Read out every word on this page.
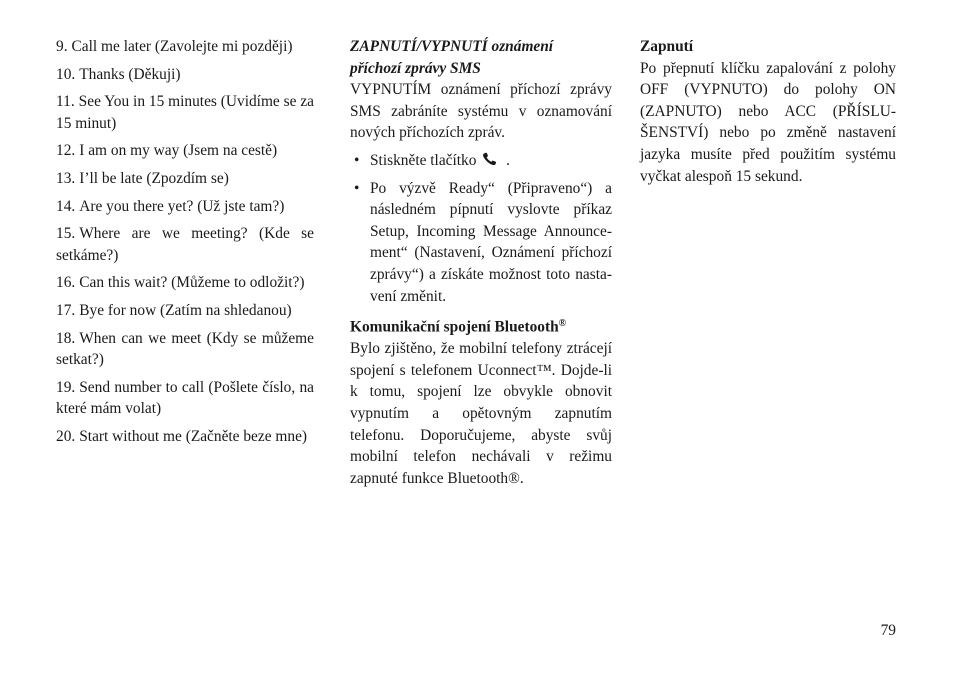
9. Call me later (Zavolejte mi později)

10. Thanks (Děkuji)

11. See You in 15 minutes (Uvidíme se za 15 minut)

12. I am on my way (Jsem na cestě)

13. I’ll be late (Zpozdím se)

14. Are you there yet? (Už jste tam?)

15. Where are we meeting? (Kde se setkáme?)

16. Can this wait? (Můžeme to odložit?)

17. Bye for now (Zatím na shledanou)

18. When can we meet (Kdy se můžeme setkat?)

19. Send number to call (Pošlete číslo, na které mám volat)

20. Start without me (Začněte beze mne)

ZAPNUTÍ/VYPNUTÍ oznámení
příchozí zprávy SMS

VYPNUTÍM oznámení příchozí zprávy SMS zabráníte systému v oznamování nových příchozích zpráv.

• Stiskněte tlačítko .
• Po výzvě Ready“ (Připraveno“) a následném pípnutí vyslovte příkaz Setup, Incoming Message Announcement“ (Nastavení, Oznámení příchozí zprávy“) a získáte možnost toto nastavení změnit.

Komunikační spojení Bluetooth®

Bylo zjištěno, že mobilní telefony ztrácejí spojení s telefonem Uconnect™. Dojde-li k tomu, spojení lze obvykle obnovit vypnutím a opětovným zapnutím telefonu. Doporučujeme, abyste svůj mobilní telefon nechávali v režimu zapnuté funkce Bluetooth®.

Zapnutí

Po přepnutí klíčku zapalování z polohy OFF (VYPNUTO) do polohy ON (ZAPNUTO) nebo ACC (PŘÍSLUŠENSTVÍ) nebo po změně nastavení jazyka musíte před použitím systému vyčkat alespoň 15 sekund.

79
